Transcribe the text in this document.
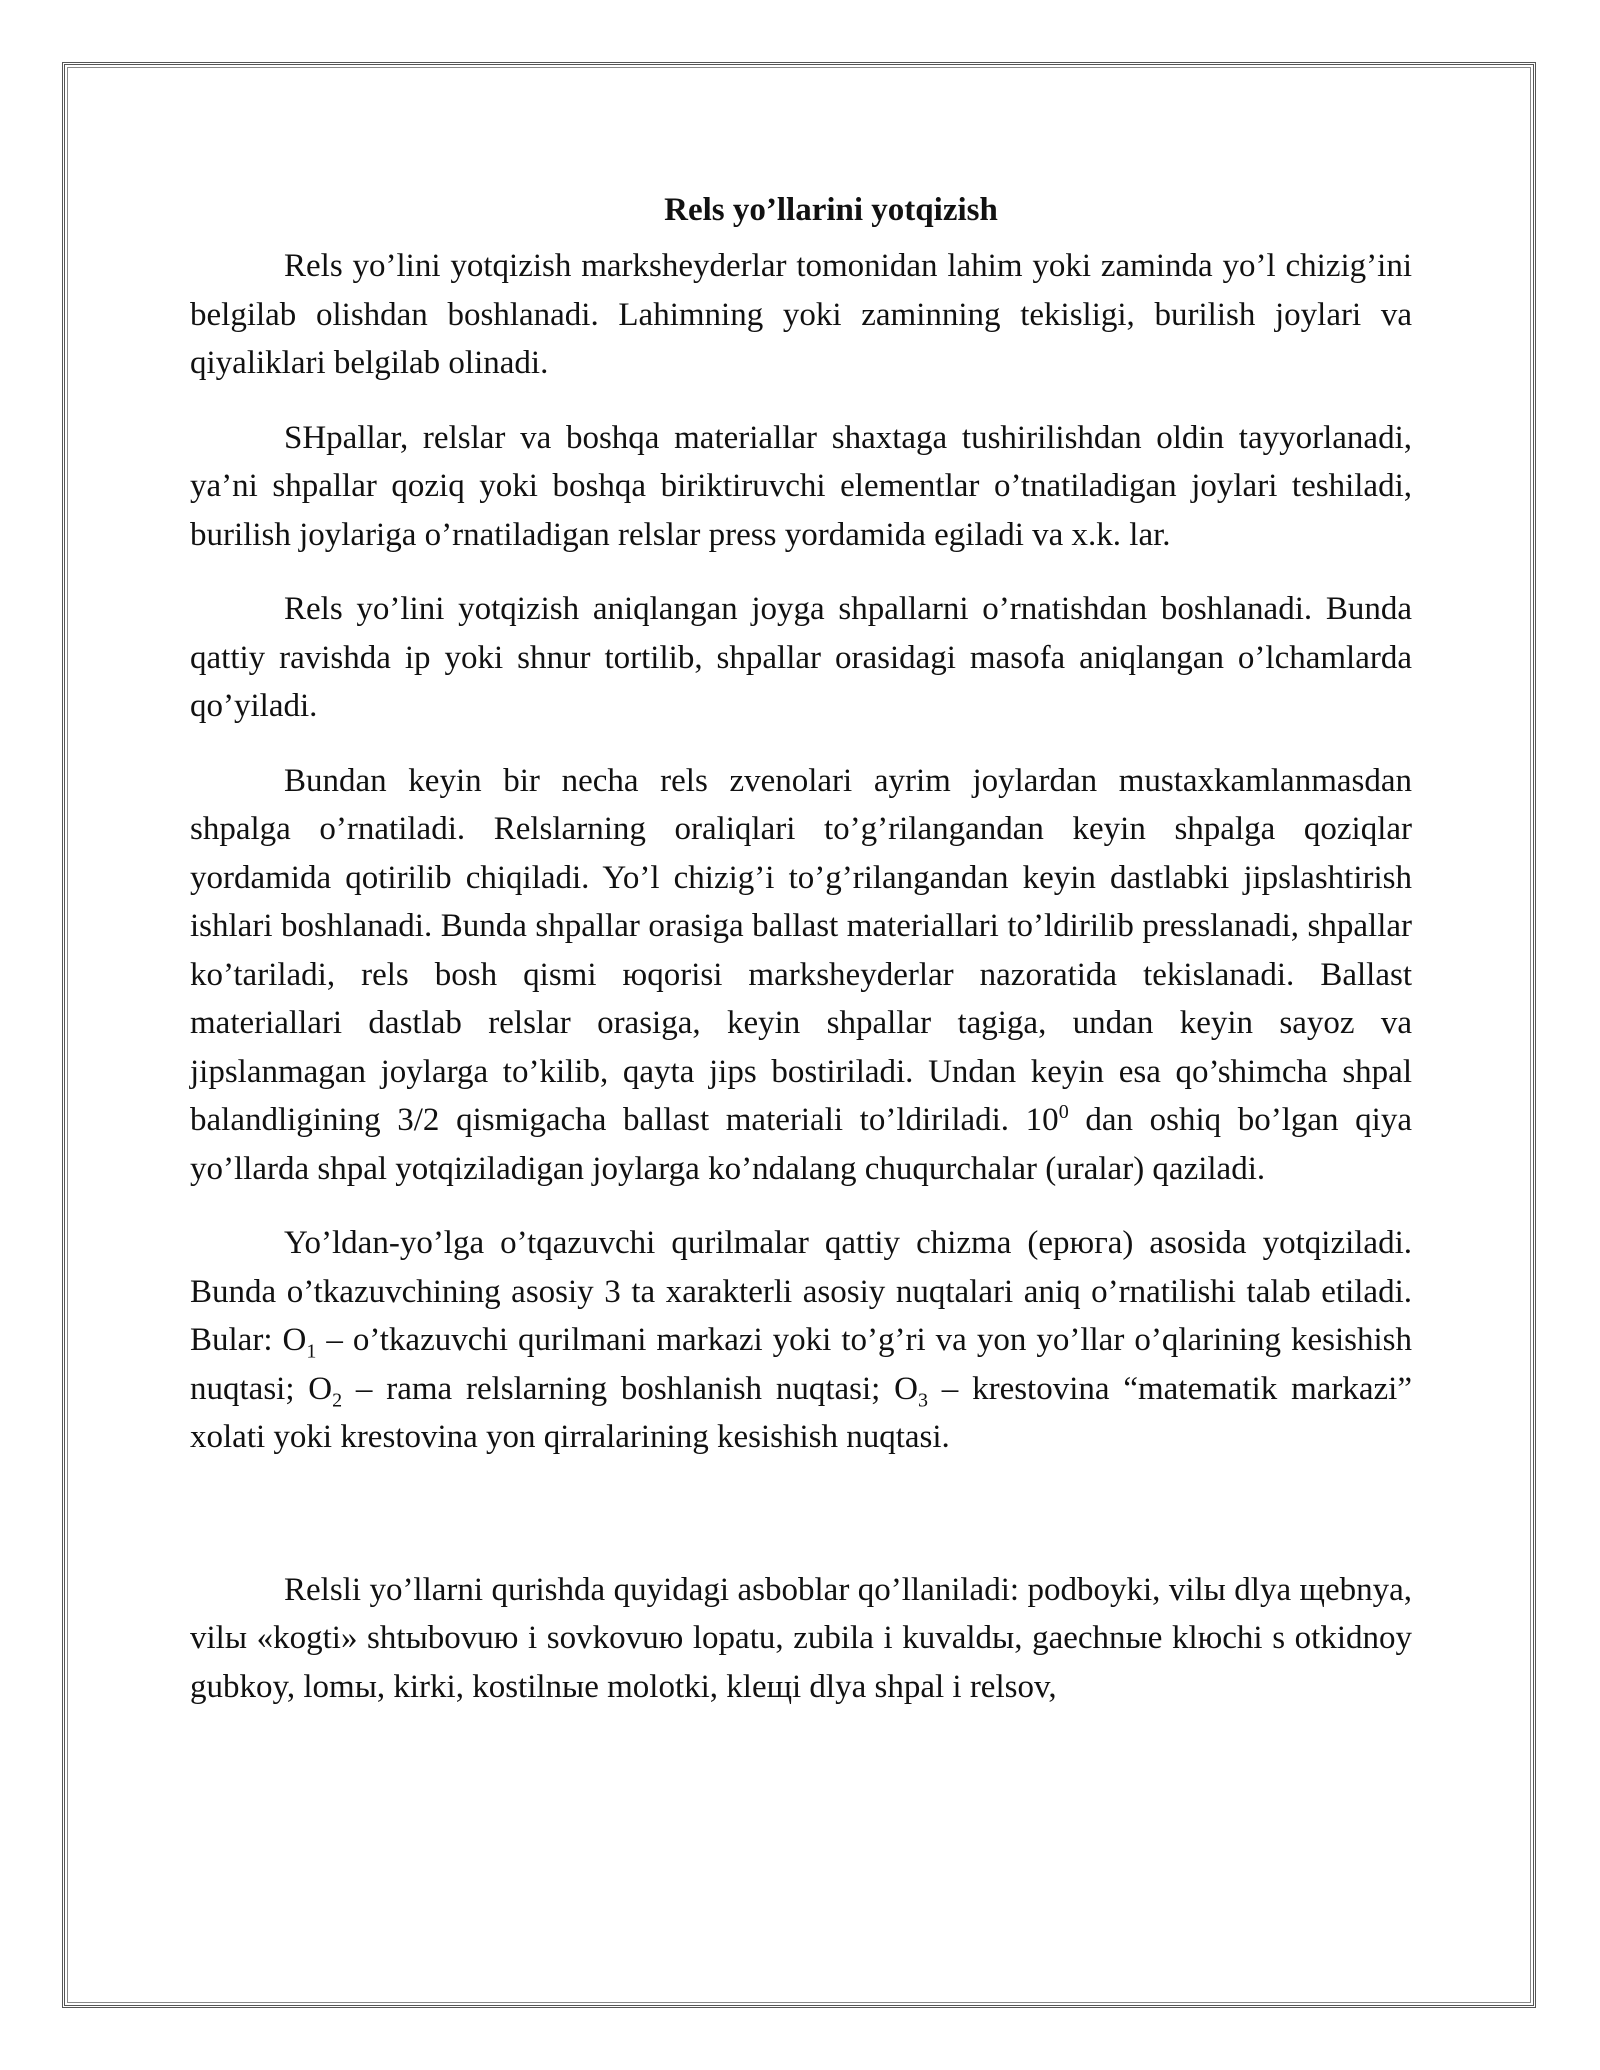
Rels yo’llarini yotqizish

Rels yo’lini yotqizish marksheyderlar tomonidan lahim yoki zaminda yo’l chizig’ini belgilab olishdan boshlanadi. Lahimning yoki zaminning tekisligi, burilish joylari va qiyaliklari belgilab olinadi.

SHpallar, relslar va boshqa materiallar shaxtaga tushirilishdan oldin tayyorlanadi, ya’ni shpallar qoziq yoki boshqa biriktiruvchi elementlar o’tnatiladigan joylari teshiladi, burilish joylariga o’rnatiladigan relslar press yordamida egiladi va x.k. lar.

Rels yo’lini yotqizish aniqlangan joyga shpallarni o’rnatishdan boshlanadi. Bunda qattiy ravishda ip yoki shnur tortilib, shpallar orasidagi masofa aniqlangan o’lchamlarda qo’yiladi.

Bundan keyin bir necha rels zvenolari ayrim joylardan mustaxkamlanmasdan shpalga o’rnatiladi. Relslarning oraliqlari to’g’rilangandan keyin shpalga qoziqlar yordamida qotirilib chiqiladi. Yo’l chizig’i to’g’rilangandan keyin dastlabki jipslashtirish ishlari boshlanadi. Bunda shpallar orasiga ballast materiallari to’ldirilib presslanadi, shpallar ko’tariladi, rels bosh qismi юqorisi marksheyderlar nazoratida tekislanadi. Ballast materiallari dastlab relslar orasiga, keyin shpallar tagiga, undan keyin sayoz va jipslanmagan joylarga to’kilib, qayta jips bostiriladi. Undan keyin esa qo’shimcha shpal balandligining 3/2 qismigacha ballast materiali to’ldiriladi. $10^0$ dan oshiq bo’lgan qiya yo’llarda shpal yotqiziladigan joylarga ko’ndalang chuqurchalar (uralar) qaziladi.

Yo’ldan-yo’lga o’tqazuvchi qurilmalar qattiy chizma (ерюга) asosida yotqiziladi. Bunda o’tkazuvchining asosiy 3 ta xarakterli asosiy nuqtalari aniq o’rnatilishi talab etiladi. Bular: $O_1$ – o’tkazuvchi qurilmani markazi yoki to’g’ri va yon yo’llar o’qlarining kesishish nuqtasi; $O_2$ – rama relslarning boshlanish nuqtasi; $O_3$ – krestovina “matematik markazi” xolati yoki krestovina yon qirralarining kesishish nuqtasi.

Relsli yo’llarni qurishda quyidagi asboblar qo’llaniladi: podboyki, vilы dlya щebnya, vilы «kogti» shtыbovuю i sovkovuю lopatu, zubila i kuvaldы, gaechnыe klюchi s otkidnoy gubkoy, lomы, kirki, kostilnыe molotki, kleщi dlya shpal i relsov,
